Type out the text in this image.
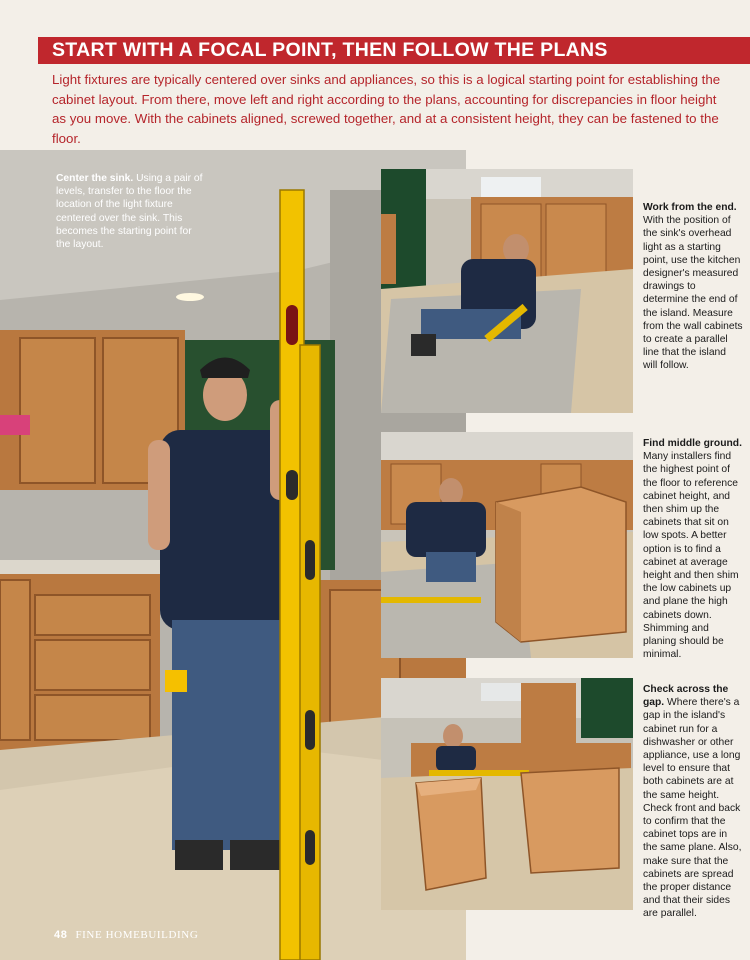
START WITH A FOCAL POINT, THEN FOLLOW THE PLANS
Light fixtures are typically centered over sinks and appliances, so this is a logical starting point for establishing the cabinet layout. From there, move left and right according to the plans, accounting for discrepancies in floor height as you move. With the cabinets aligned, screwed together, and at a consistent height, they can be fastened to the floor.
Center the sink. Using a pair of levels, transfer to the floor the location of the light fixture centered over the sink. This becomes the starting point for the layout.
Work from the end. With the position of the sink's overhead light as a starting point, use the kitchen designer's measured drawings to determine the end of the island. Measure from the wall cabinets to create a parallel line that the island will follow.
Find middle ground. Many installers find the highest point of the floor to reference cabinet height, and then shim up the cabinets that sit on low spots. A better option is to find a cabinet at average height and then shim the low cabinets up and plane the high cabinets down. Shimming and planing should be minimal.
Check across the gap. Where there's a gap in the island's cabinet run for a dishwasher or other appliance, use a long level to ensure that both cabinets are at the same height. Check front and back to confirm that the cabinet tops are in the same plane. Also, make sure that the cabinets are spread the proper distance and that their sides are parallel.
48 FINE HOMEBUILDING
